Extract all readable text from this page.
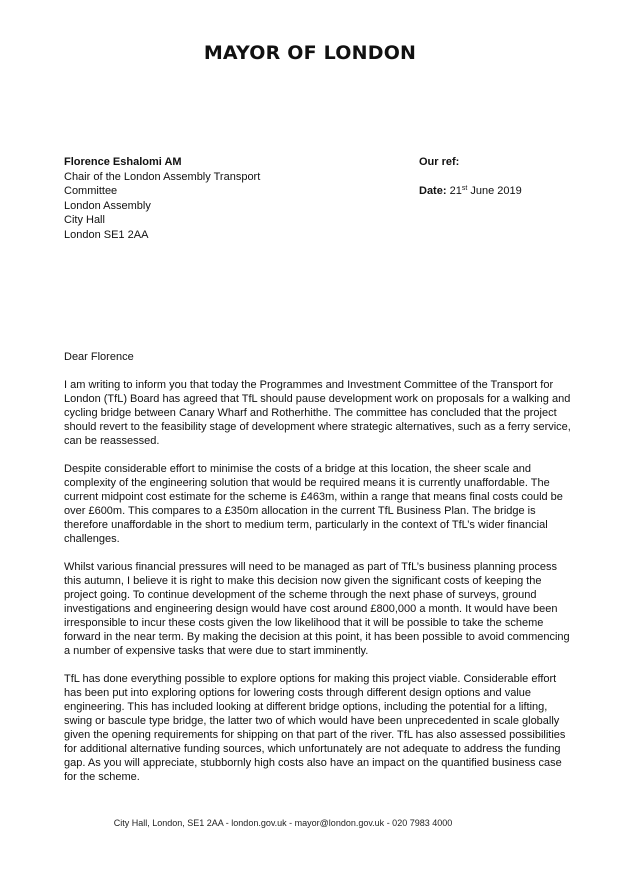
MAYOR OF LONDON
Florence Eshalomi AM
Chair of the London Assembly Transport Committee
London Assembly
City Hall
London SE1 2AA
Our ref:
Date: 21st June 2019

Dear Florence

I am writing to inform you that today the Programmes and Investment Committee of the Transport for London (TfL) Board has agreed that TfL should pause development work on proposals for a walking and cycling bridge between Canary Wharf and Rotherhithe. The committee has concluded that the project should revert to the feasibility stage of development where strategic alternatives, such as a ferry service, can be reassessed.

Despite considerable effort to minimise the costs of a bridge at this location, the sheer scale and complexity of the engineering solution that would be required means it is currently unaffordable. The current midpoint cost estimate for the scheme is £463m, within a range that means final costs could be over £600m. This compares to a £350m allocation in the current TfL Business Plan. The bridge is therefore unaffordable in the short to medium term, particularly in the context of TfL’s wider financial challenges.

Whilst various financial pressures will need to be managed as part of TfL’s business planning process this autumn, I believe it is right to make this decision now given the significant costs of keeping the project going. To continue development of the scheme through the next phase of surveys, ground investigations and engineering design would have cost around £800,000 a month. It would have been irresponsible to incur these costs given the low likelihood that it will be possible to take the scheme forward in the near term. By making the decision at this point, it has been possible to avoid commencing a number of expensive tasks that were due to start imminently.

TfL has done everything possible to explore options for making this project viable. Considerable effort has been put into exploring options for lowering costs through different design options and value engineering. This has included looking at different bridge options, including the potential for a lifting, swing or bascule type bridge, the latter two of which would have been unprecedented in scale globally given the opening requirements for shipping on that part of the river. TfL has also assessed possibilities for additional alternative funding sources, which unfortunately are not adequate to address the funding gap. As you will appreciate, stubbornly high costs also have an impact on the quantified business case for the scheme.

City Hall, London, SE1 2AA - london.gov.uk - mayor@london.gov.uk - 020 7983 4000
